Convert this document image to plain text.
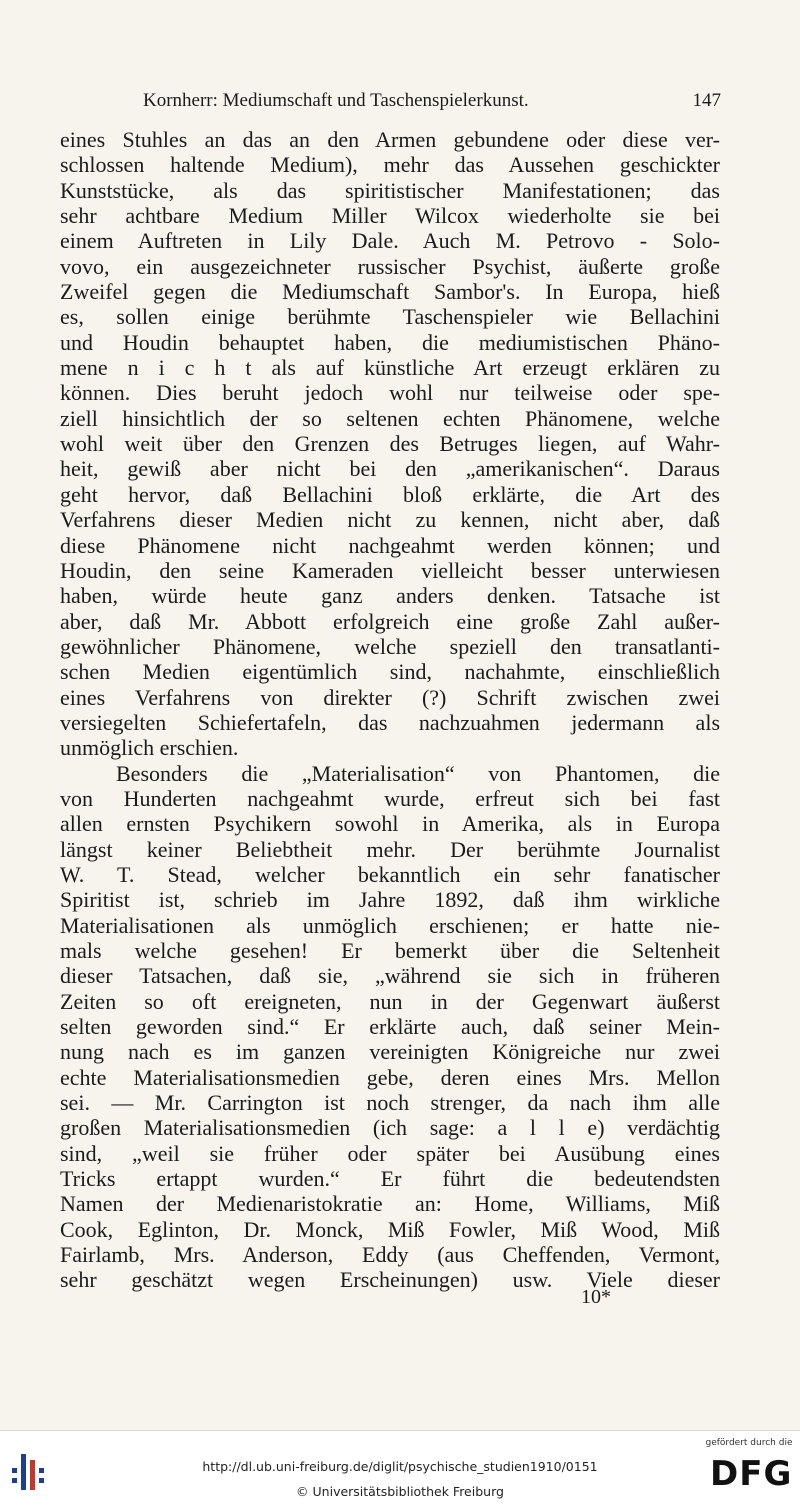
Kornherr: Mediumschaft und Taschenspielerkunst.	147
eines Stuhles an das an den Armen gebundene oder diese ver-
schlossen haltende Medium), mehr das Aussehen geschickter
Kunststücke, als das spiritistischer Manifestationen; das
sehr achtbare Medium Miller Wilcox wiederholte sie bei
einem Auftreten in Lily Dale. Auch M. Petrovo - Solo-
vovo, ein ausgezeichneter russischer Psychist, äußerte große
Zweifel gegen die Mediumschaft Sambor's. In Europa, hieß
es, sollen einige berühmte Taschenspieler wie Bellachini
und Houdin behauptet haben, die mediumistischen Phäno-
mene n i c h t als auf künstliche Art erzeugt erklären zu
können. Dies beruht jedoch wohl nur teilweise oder spe-
ziell hinsichtlich der so seltenen echten Phänomene, welche
wohl weit über den Grenzen des Betruges liegen, auf Wahr-
heit, gewiß aber nicht bei den „amerikanischen“. Daraus
geht hervor, daß Bellachini bloß erklärte, die Art des
Verfahrens dieser Medien nicht zu kennen, nicht aber, daß
diese Phänomene nicht nachgeahmt werden können; und
Houdin, den seine Kameraden vielleicht besser unterwiesen
haben, würde heute ganz anders denken. Tatsache ist
aber, daß Mr. Abbott erfolgreich eine große Zahl außer-
gewöhnlicher Phänomene, welche speziell den transatlanti-
schen Medien eigentümlich sind, nachahmte, einschließlich
eines Verfahrens von direkter (?) Schrift zwischen zwei
versiegelten Schiefertafeln, das nachzuahmen jedermann als
unmöglich erschien.
Besonders die „Materialisation“ von Phantomen, die
von Hunderten nachgeahmt wurde, erfreut sich bei fast
allen ernsten Psychikern sowohl in Amerika, als in Europa
längst keiner Beliebtheit mehr. Der berühmte Journalist
W. T. Stead, welcher bekanntlich ein sehr fanatischer
Spiritist ist, schrieb im Jahre 1892, daß ihm wirkliche
Materialisationen als unmöglich erschienen; er hatte nie-
mals welche gesehen! Er bemerkt über die Seltenheit
dieser Tatsachen, daß sie, „während sie sich in früheren
Zeiten so oft ereigneten, nun in der Gegenwart äußerst
selten geworden sind.“ Er erklärte auch, daß seiner Mein-
nung nach es im ganzen vereinigten Königreiche nur zwei
echte Materialisationsmedien gebe, deren eines Mrs. Mellon
sei. — Mr. Carrington ist noch strenger, da nach ihm alle
großen Materialisationsmedien (ich sage: a l l e) verdächtig
sind, „weil sie früher oder später bei Ausübung eines
Tricks ertappt wurden.“ Er führt die bedeutendsten
Namen der Medienaristokratie an: Home, Williams, Miß
Cook, Eglinton, Dr. Monck, Miß Fowler, Miß Wood, Miß
Fairlamb, Mrs. Anderson, Eddy (aus Cheffenden, Vermont,
sehr geschätzt wegen Erscheinungen) usw. Viele dieser
10*
http://dl.ub.uni-freiburg.de/diglit/psychische_studien1910/0151
© Universitätsbibliothek Freiburg
gefördert durch die
DFG
